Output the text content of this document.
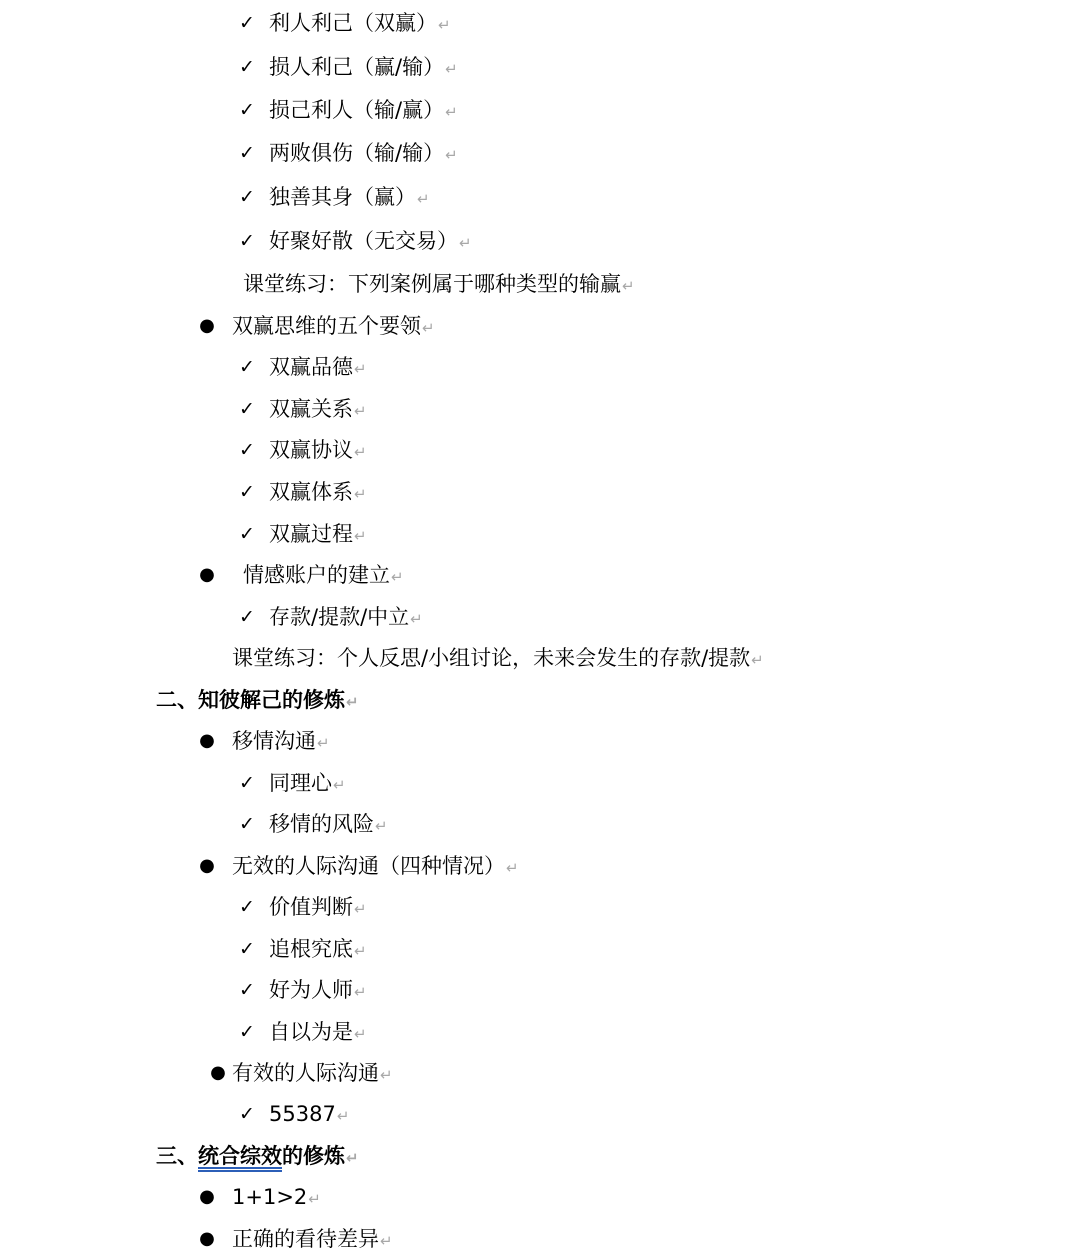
✓ 利人利己（双赢）↵
✓ 损人利己（赢/输）↵
✓ 损己利人（输/赢）↵
✓ 两败俱伤（输/输）↵
✓ 独善其身（赢）↵
✓ 好聚好散（无交易）↵
课堂练习：下列案例属于哪种类型的输赢↵
● 双赢思维的五个要领↵
✓ 双赢品德↵
✓ 双赢关系↵
✓ 双赢协议↵
✓ 双赢体系↵
✓ 双赢过程↵
● 情感账户的建立↵
✓ 存款/提款/中立↵
课堂练习：个人反思/小组讨论，未来会发生的存款/提款↵
二、知彼解己的修炼↵
● 移情沟通↵
✓ 同理心↵
✓ 移情的风险↵
● 无效的人际沟通（四种情况）↵
✓ 价值判断↵
✓ 追根究底↵
✓ 好为人师↵
✓ 自以为是↵
● 有效的人际沟通↵
✓ 55387↵
三、统合综效的修炼↵
● 1+1>2↵
● 正确的看待差异↵
